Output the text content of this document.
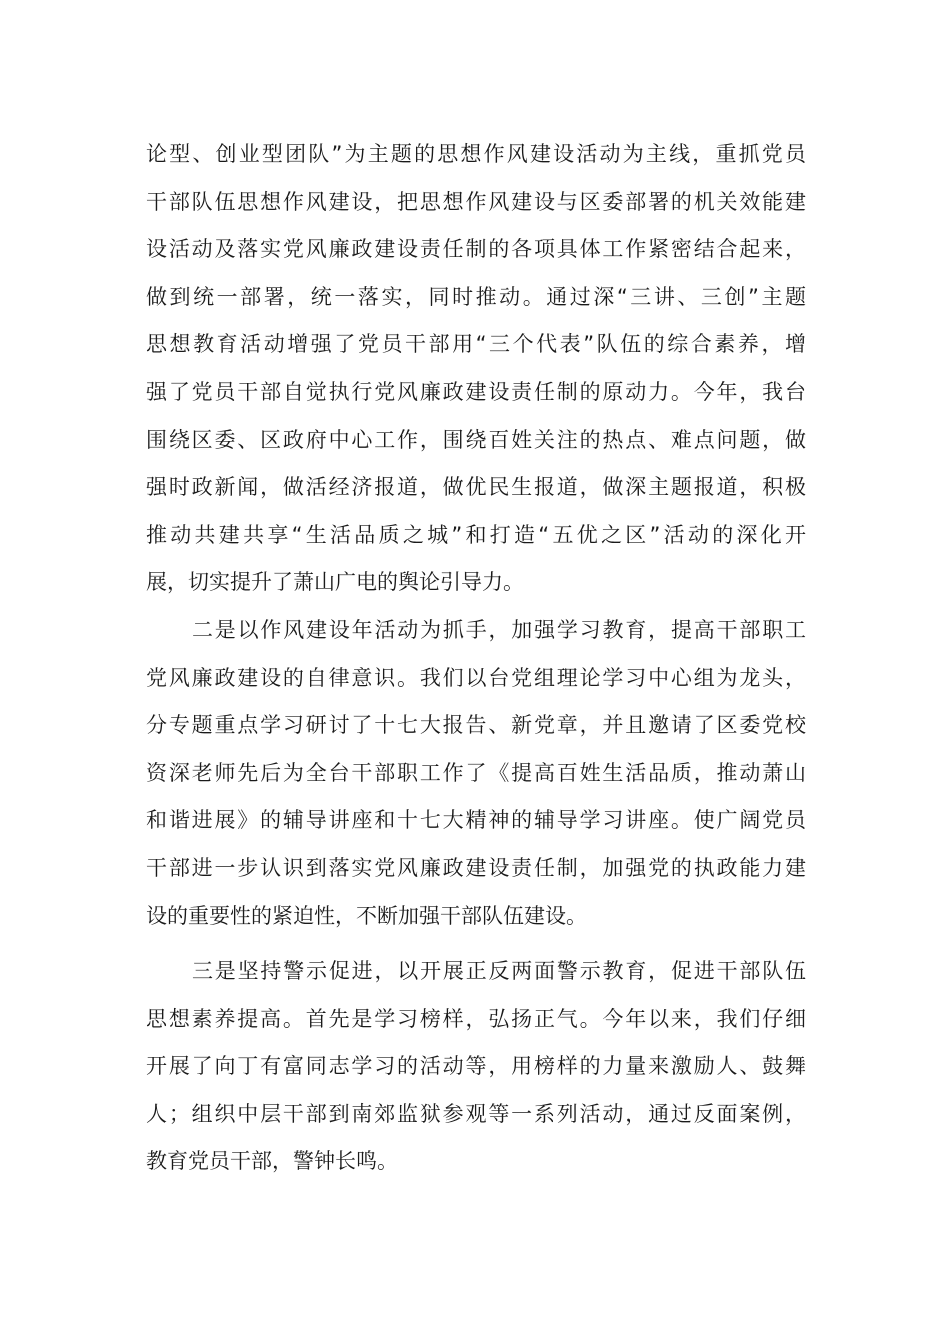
论型、创业型团队”为主题的思想作风建设活动为主线，重抓党员
干部队伍思想作风建设，把思想作风建设与区委部署的机关效能建
设活动及落实党风廉政建设责任制的各项具体工作紧密结合起来，
做到统一部署，统一落实，同时推动。通过深“三讲、三创”主题
思想教育活动增强了党员干部用“三个代表”队伍的综合素养，增
强了党员干部自觉执行党风廉政建设责任制的原动力。今年，我台
围绕区委、区政府中心工作，围绕百姓关注的热点、难点问题，做
强时政新闻，做活经济报道，做优民生报道，做深主题报道，积极
推动共建共享“生活品质之城”和打造“五优之区”活动的深化开
展，切实提升了萧山广电的舆论引导力。
二是以作风建设年活动为抓手，加强学习教育，提高干部职工
党风廉政建设的自律意识。我们以台党组理论学习中心组为龙头，
分专题重点学习研讨了十七大报告、新党章，并且邀请了区委党校
资深老师先后为全台干部职工作了《提高百姓生活品质，推动萧山
和谐进展》的辅导讲座和十七大精神的辅导学习讲座。使广阔党员
干部进一步认识到落实党风廉政建设责任制，加强党的执政能力建
设的重要性的紧迫性，不断加强干部队伍建设。
三是坚持警示促进，以开展正反两面警示教育，促进干部队伍
思想素养提高。首先是学习榜样，弘扬正气。今年以来，我们仔细
开展了向丁有富同志学习的活动等，用榜样的力量来激励人、鼓舞
人；组织中层干部到南郊监狱参观等一系列活动，通过反面案例，
教育党员干部，警钟长鸣。
